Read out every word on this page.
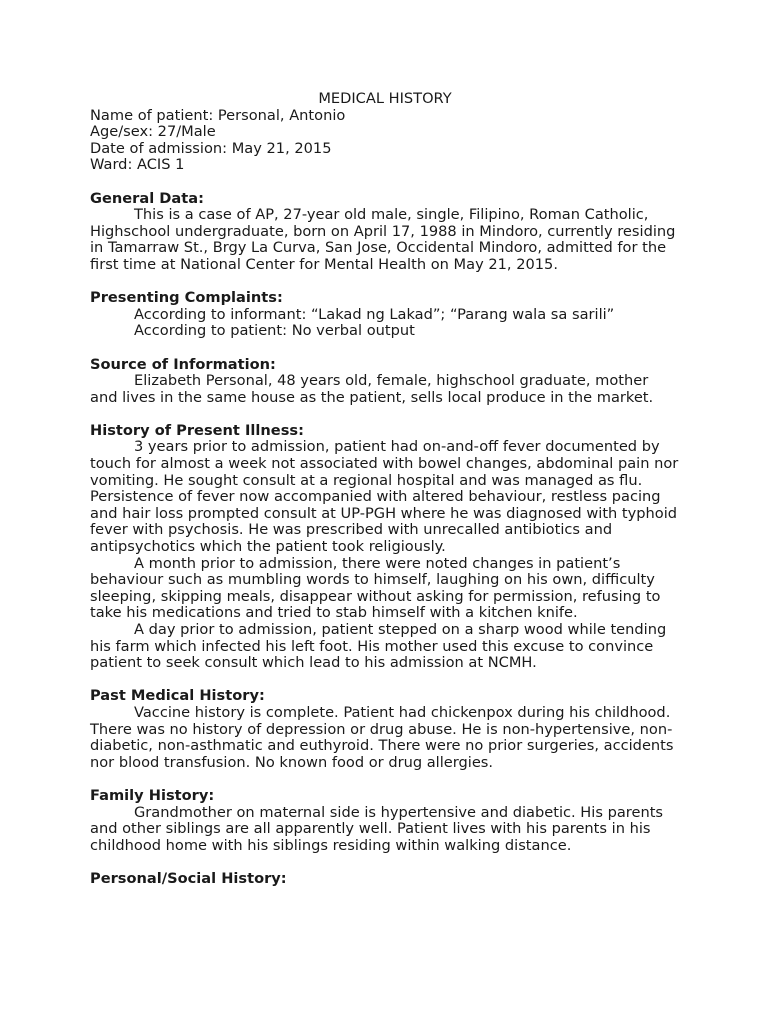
MEDICAL HISTORY

Name of patient: Personal, Antonio

Age/sex: 27/Male

Date of admission: May 21, 2015

Ward: ACIS 1

General Data:

This is a case of AP, 27-year old male, single, Filipino, Roman Catholic, Highschool undergraduate, born on April 17, 1988 in Mindoro, currently residing in Tamarraw St., Brgy La Curva, San Jose, Occidental Mindoro, admitted for the first time at National Center for Mental Health on May 21, 2015.

Presenting Complaints:

According to informant: “Lakad ng Lakad”; “Parang wala sa sarili”

According to patient: No verbal output

Source of Information:

Elizabeth Personal, 48 years old, female, highschool graduate, mother and lives in the same house as the patient, sells local produce in the market.

History of Present Illness:

3 years prior to admission, patient had on-and-off fever documented by touch for almost a week not associated with bowel changes, abdominal pain nor vomiting. He sought consult at a regional hospital and was managed as flu. Persistence of fever now accompanied with altered behaviour, restless pacing and hair loss prompted consult at UP-PGH where he was diagnosed with typhoid fever with psychosis. He was prescribed with unrecalled antibiotics and antipsychotics which the patient took religiously.

A month prior to admission, there were noted changes in patient’s behaviour such as mumbling words to himself, laughing on his own, difficulty sleeping, skipping meals, disappear without asking for permission, refusing to take his medications and tried to stab himself with a kitchen knife.

A day prior to admission, patient stepped on a sharp wood while tending his farm which infected his left foot. His mother used this excuse to convince patient to seek consult which lead to his admission at NCMH.

Past Medical History:

Vaccine history is complete. Patient had chickenpox during his childhood. There was no history of depression or drug abuse. He is non-hypertensive, non-diabetic, non-asthmatic and euthyroid. There were no prior surgeries, accidents nor blood transfusion. No known food or drug allergies.

Family History:

Grandmother on maternal side is hypertensive and diabetic. His parents and other siblings are all apparently well. Patient lives with his parents in his childhood home with his siblings residing within walking distance.

Personal/Social History:
